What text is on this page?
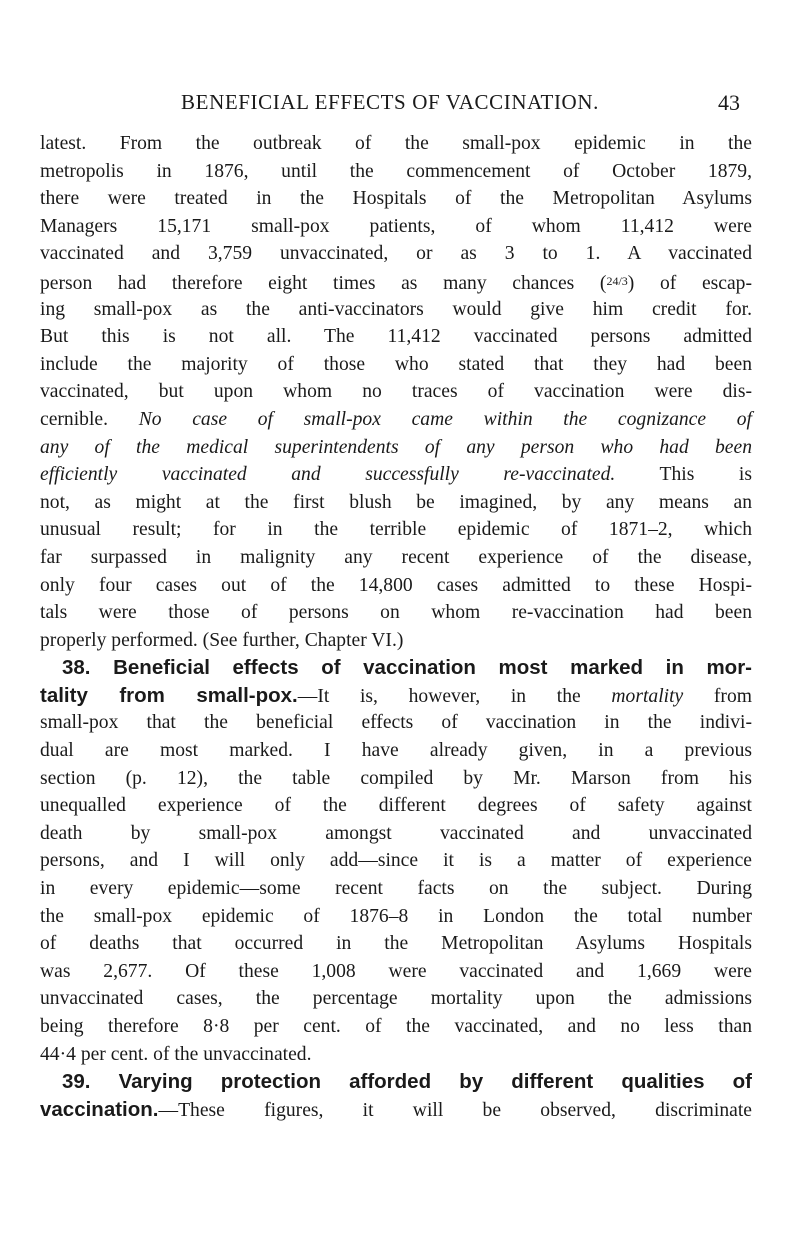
BENEFICIAL EFFECTS OF VACCINATION.	43
latest. From the outbreak of the small-pox epidemic in the
metropolis in 1876, until the commencement of October 1879,
there were treated in the Hospitals of the Metropolitan Asylums
Managers 15,171 small-pox patients, of whom 11,412 were
vaccinated and 3,759 unvaccinated, or as 3 to 1. A vaccinated
person had therefore eight times as many chances ($^{24/3}$) of escap-
ing small-pox as the anti-vaccinators would give him credit for.
But this is not all. The 11,412 vaccinated persons admitted
include the majority of those who stated that they had been
vaccinated, but upon whom no traces of vaccination were dis-
cernible. No case of small-pox came within the cognizance of
any of the medical superintendents of any person who had been
efficiently vaccinated and successfully re-vaccinated. This is
not, as might at the first blush be imagined, by any means an
unusual result; for in the terrible epidemic of 1871–2, which
far surpassed in malignity any recent experience of the disease,
only four cases out of the 14,800 cases admitted to these Hospi-
tals were those of persons on whom re-vaccination had been
properly performed. (See further, Chapter VI.)
38. Beneficial effects of vaccination most marked in mor-
tality from small-pox.—It is, however, in the mortality from
small-pox that the beneficial effects of vaccination in the indivi-
dual are most marked. I have already given, in a previous
section (p. 12), the table compiled by Mr. Marson from his
unequalled experience of the different degrees of safety against
death by small-pox amongst vaccinated and unvaccinated
persons, and I will only add—since it is a matter of experience
in every epidemic—some recent facts on the subject. During
the small-pox epidemic of 1876–8 in London the total number
of deaths that occurred in the Metropolitan Asylums Hospitals
was 2,677. Of these 1,008 were vaccinated and 1,669 were
unvaccinated cases, the percentage mortality upon the admissions
being therefore 8·8 per cent. of the vaccinated, and no less than
44·4 per cent. of the unvaccinated.
39. Varying protection afforded by different qualities of
vaccination.—These figures, it will be observed, discriminate
